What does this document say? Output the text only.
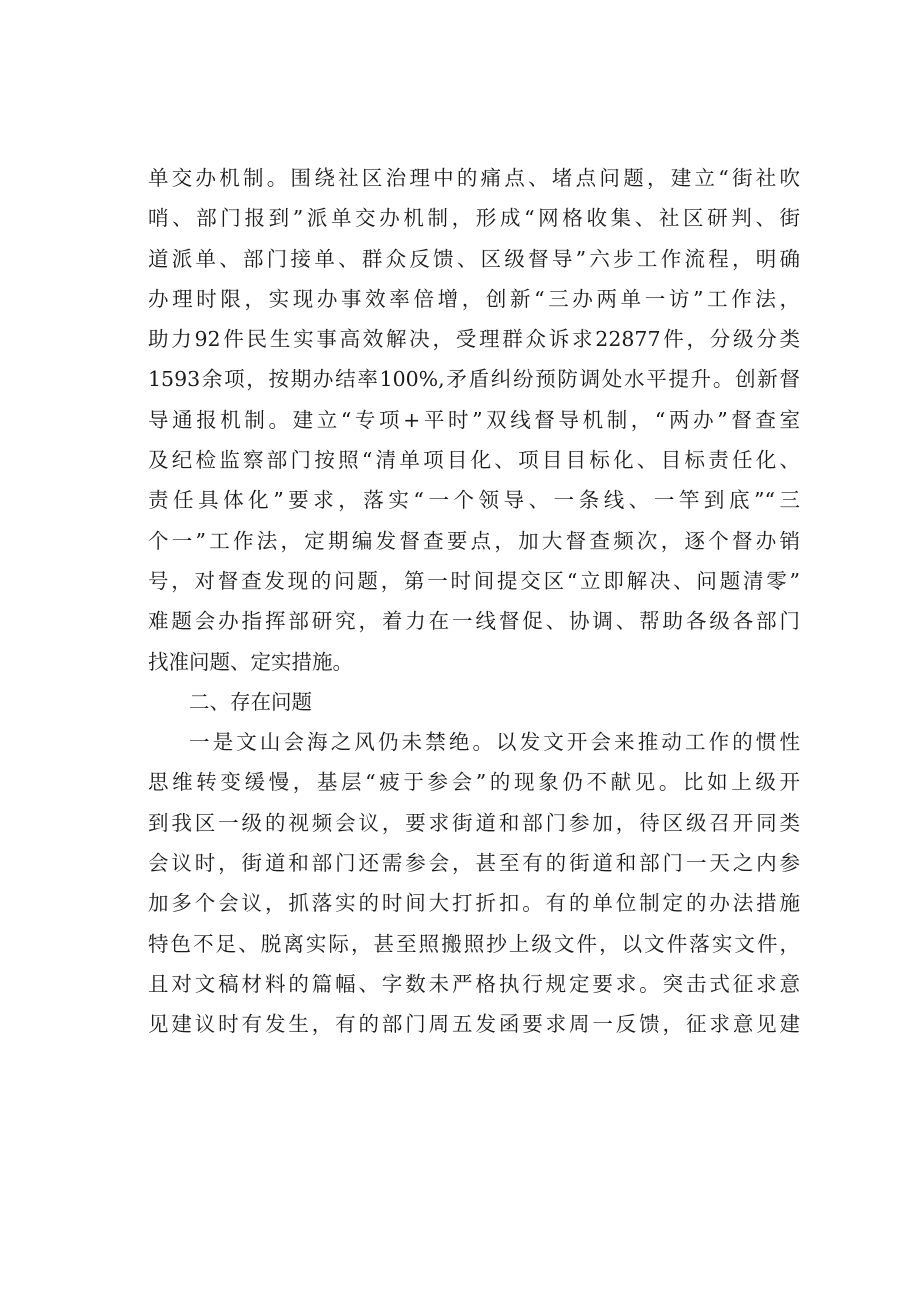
单交办机制。围绕社区治理中的痛点、堵点问题，建立“街社吹
哨、部门报到”派单交办机制，形成“网格收集、社区研判、街
道派单、部门接单、群众反馈、区级督导”六步工作流程，明确
办理时限，实现办事效率倍增，创新“三办两单一访”工作法，
助力92件民生实事高效解决，受理群众诉求22877件，分级分类
1593余项，按期办结率100%,矛盾纠纷预防调处水平提升。创新督
导通报机制。建立“专项+平时”双线督导机制，“两办”督查室
及纪检监察部门按照“清单项目化、项目目标化、目标责任化、
责任具体化”要求，落实“一个领导、一条线、一竿到底”“三
个一”工作法，定期编发督查要点，加大督查频次，逐个督办销
号，对督查发现的问题，第一时间提交区“立即解决、问题清零”
难题会办指挥部研究，着力在一线督促、协调、帮助各级各部门
找准问题、定实措施。
二、存在问题
一是文山会海之风仍未禁绝。以发文开会来推动工作的惯性
思维转变缓慢，基层“疲于参会”的现象仍不献见。比如上级开
到我区一级的视频会议，要求街道和部门参加，待区级召开同类
会议时，街道和部门还需参会，甚至有的街道和部门一天之内参
加多个会议，抓落实的时间大打折扣。有的单位制定的办法措施
特色不足、脱离实际，甚至照搬照抄上级文件，以文件落实文件，
且对文稿材料的篇幅、字数未严格执行规定要求。突击式征求意
见建议时有发生，有的部门周五发函要求周一反馈，征求意见建
